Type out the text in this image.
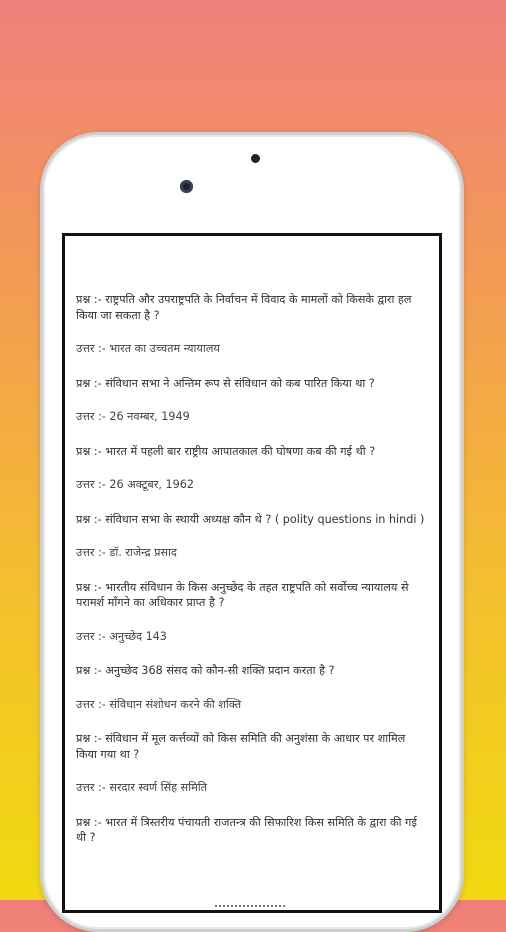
प्रश्न :- राष्ट्रपति और उपराष्ट्रपति के निर्वाचन में विवाद के मामलों को किसके द्वारा हल किया जा सकता है ?

उत्तर :- भारत का उच्चतम न्यायालय

प्रश्न :- संविधान सभा ने अन्तिम रूप से संविधान को कब पारित किया था ?

उत्तर :- 26 नवम्बर, 1949

प्रश्न :- भारत में पहली बार राष्ट्रीय आपातकाल की घोषणा कब की गई थी ?

उत्तर :- 26 अक्टूबर, 1962

प्रश्न :- संविधान सभा के स्थायी अध्यक्ष कौन थे ? ( polity questions in hindi )

उत्तर :- डॉ. राजेन्द्र प्रसाद

प्रश्न :- भारतीय संविधान के किस अनुच्छेद के तहत राष्ट्रपति को सर्वोच्च न्यायालय से परामर्श माँगने का अधिकार प्राप्त है ?

उत्तर :- अनुच्छेद 143

प्रश्न :- अनुच्छेद 368 संसद को कौन-सी शक्ति प्रदान करता है ?

उत्तर :- संविधान संशोधन करने की शक्ति

प्रश्न :- संविधान में मूल कर्त्तव्यों को किस समिति की अनुशंसा के आधार पर शामिल किया गया था ?

उत्तर :- सरदार स्वर्ण सिंह समिति

प्रश्न :- भारत में त्रिस्तरीय पंचायती राजतन्त्र की सिफारिश किस समिति के द्वारा की गई थी ?
